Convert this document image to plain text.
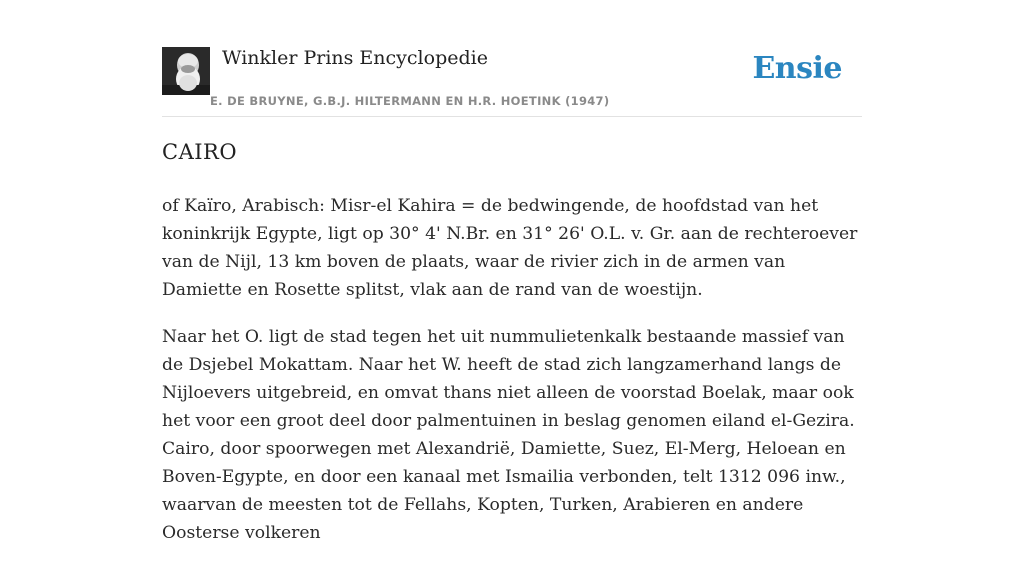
Winkler Prins Encyclopedie
E. DE BRUYNE, G.B.J. HILTERMANN EN H.R. HOETINK (1947)
Ensie
CAIRO

of Kaïro, Arabisch: Misr-el Kahira = de bedwingende, de hoofdstad van het koninkrijk Egypte, ligt op 30° 4' N.Br. en 31° 26' O.L. v. Gr. aan de rechteroever van de Nijl, 13 km boven de plaats, waar de rivier zich in de armen van Damiette en Rosette splitst, vlak aan de rand van de woestijn.

Naar het O. ligt de stad tegen het uit nummulietenkalk bestaande massief van de Dsjebel Mokattam. Naar het W. heeft de stad zich langzamerhand langs de Nijloevers uitgebreid, en omvat thans niet alleen de voorstad Boelak, maar ook het voor een groot deel door palmentuinen in beslag genomen eiland el-Gezira. Cairo, door spoorwegen met Alexandrië, Damiette, Suez, El-Merg, Heloean en Boven-Egypte, en door een kanaal met Ismailia verbonden, telt 1312 096 inw., waarvan de meesten tot de Fellahs, Kopten, Turken, Arabieren en andere Oosterse volkeren
